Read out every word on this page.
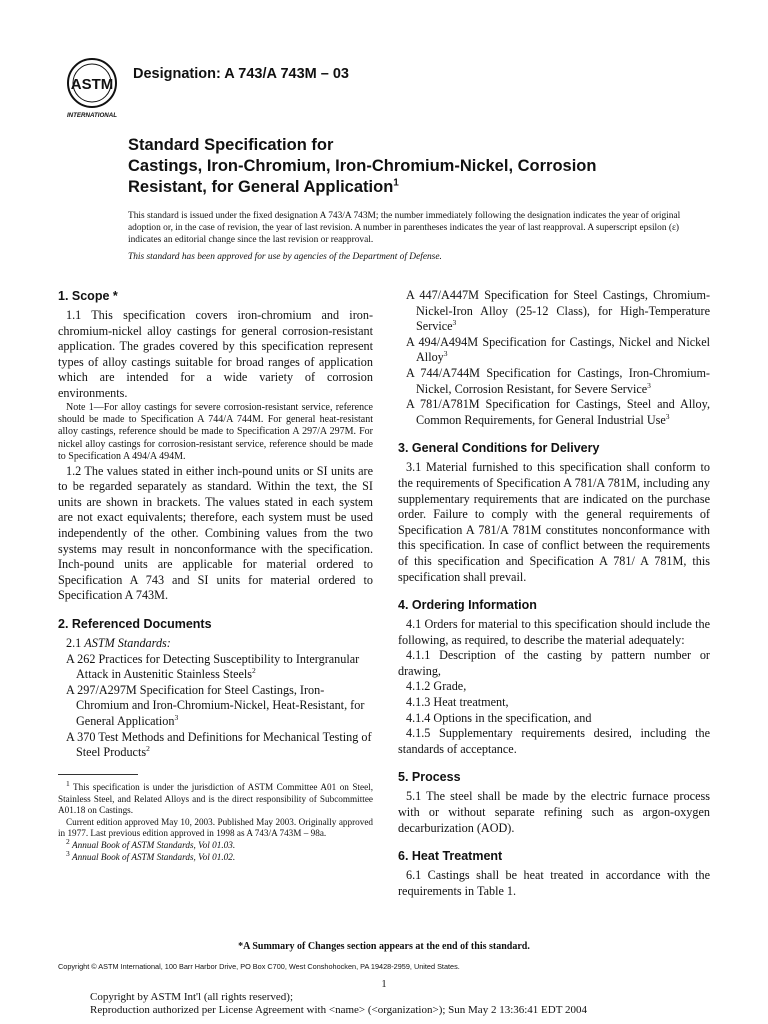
ASTM
INTERNATIONAL
Designation: A 743/A 743M – 03
Standard Specification for
Castings, Iron-Chromium, Iron-Chromium-Nickel, Corrosion
Resistant, for General Application$^1$
This standard is issued under the fixed designation A 743/A 743M; the number immediately following the designation indicates the year of original adoption or, in the case of revision, the year of last revision. A number in parentheses indicates the year of last reapproval. A superscript epsilon (ε) indicates an editorial change since the last revision or reapproval.
This standard has been approved for use by agencies of the Department of Defense.
1. Scope *

1.1 This specification covers iron-chromium and iron-chromium-nickel alloy castings for general corrosion-resistant application. The grades covered by this specification represent types of alloy castings suitable for broad ranges of application which are intended for a wide variety of corrosion environments.

Note 1—For alloy castings for severe corrosion-resistant service, reference should be made to Specification A 744/A 744M. For general heat-resistant alloy castings, reference should be made to Specification A 297/A 297M. For nickel alloy castings for corrosion-resistant service, reference should be made to Specification A 494/A 494M.

1.2 The values stated in either inch-pound units or SI units are to be regarded separately as standard. Within the text, the SI units are shown in brackets. The values stated in each system are not exact equivalents; therefore, each system must be used independently of the other. Combining values from the two systems may result in nonconformance with the specification. Inch-pound units are applicable for material ordered to Specification A 743 and SI units for material ordered to Specification A 743M.

2. Referenced Documents

2.1 ASTM Standards:

A 262 Practices for Detecting Susceptibility to Intergranular Attack in Austenitic Stainless Steels$^2$

A 297/A297M Specification for Steel Castings, Iron-Chromium and Iron-Chromium-Nickel, Heat-Resistant, for General Application$^3$

A 370 Test Methods and Definitions for Mechanical Testing of Steel Products$^2$

$^1$ This specification is under the jurisdiction of ASTM Committee A01 on Steel, Stainless Steel, and Related Alloys and is the direct responsibility of Subcommittee A01.18 on Castings.

Current edition approved May 10, 2003. Published May 2003. Originally approved in 1977. Last previous edition approved in 1998 as A 743/A 743M – 98a.

$^2$ Annual Book of ASTM Standards, Vol 01.03.

$^3$ Annual Book of ASTM Standards, Vol 01.02.

A 447/A447M Specification for Steel Castings, Chromium-Nickel-Iron Alloy (25-12 Class), for High-Temperature Service$^3$

A 494/A494M Specification for Castings, Nickel and Nickel Alloy$^3$

A 744/A744M Specification for Castings, Iron-Chromium-Nickel, Corrosion Resistant, for Severe Service$^3$

A 781/A781M Specification for Castings, Steel and Alloy, Common Requirements, for General Industrial Use$^3$

3. General Conditions for Delivery

3.1 Material furnished to this specification shall conform to the requirements of Specification A 781/A 781M, including any supplementary requirements that are indicated on the purchase order. Failure to comply with the general requirements of Specification A 781/A 781M constitutes nonconformance with this specification. In case of conflict between the requirements of this specification and Specification A 781/ A 781M, this specification shall prevail.

4. Ordering Information

4.1 Orders for material to this specification should include the following, as required, to describe the material adequately:

4.1.1 Description of the casting by pattern number or drawing,

4.1.2 Grade,

4.1.3 Heat treatment,

4.1.4 Options in the specification, and

4.1.5 Supplementary requirements desired, including the standards of acceptance.

5. Process

5.1 The steel shall be made by the electric furnace process with or without separate refining such as argon-oxygen decarburization (AOD).

6. Heat Treatment

6.1 Castings shall be heat treated in accordance with the requirements in Table 1.

*A Summary of Changes section appears at the end of this standard.
Copyright © ASTM International, 100 Barr Harbor Drive, PO Box C700, West Conshohocken, PA 19428-2959, United States.
1
Copyright by ASTM Int'l (all rights reserved);
Reproduction authorized per License Agreement with <name> (<organization>); Sun May 2 13:36:41 EDT 2004
